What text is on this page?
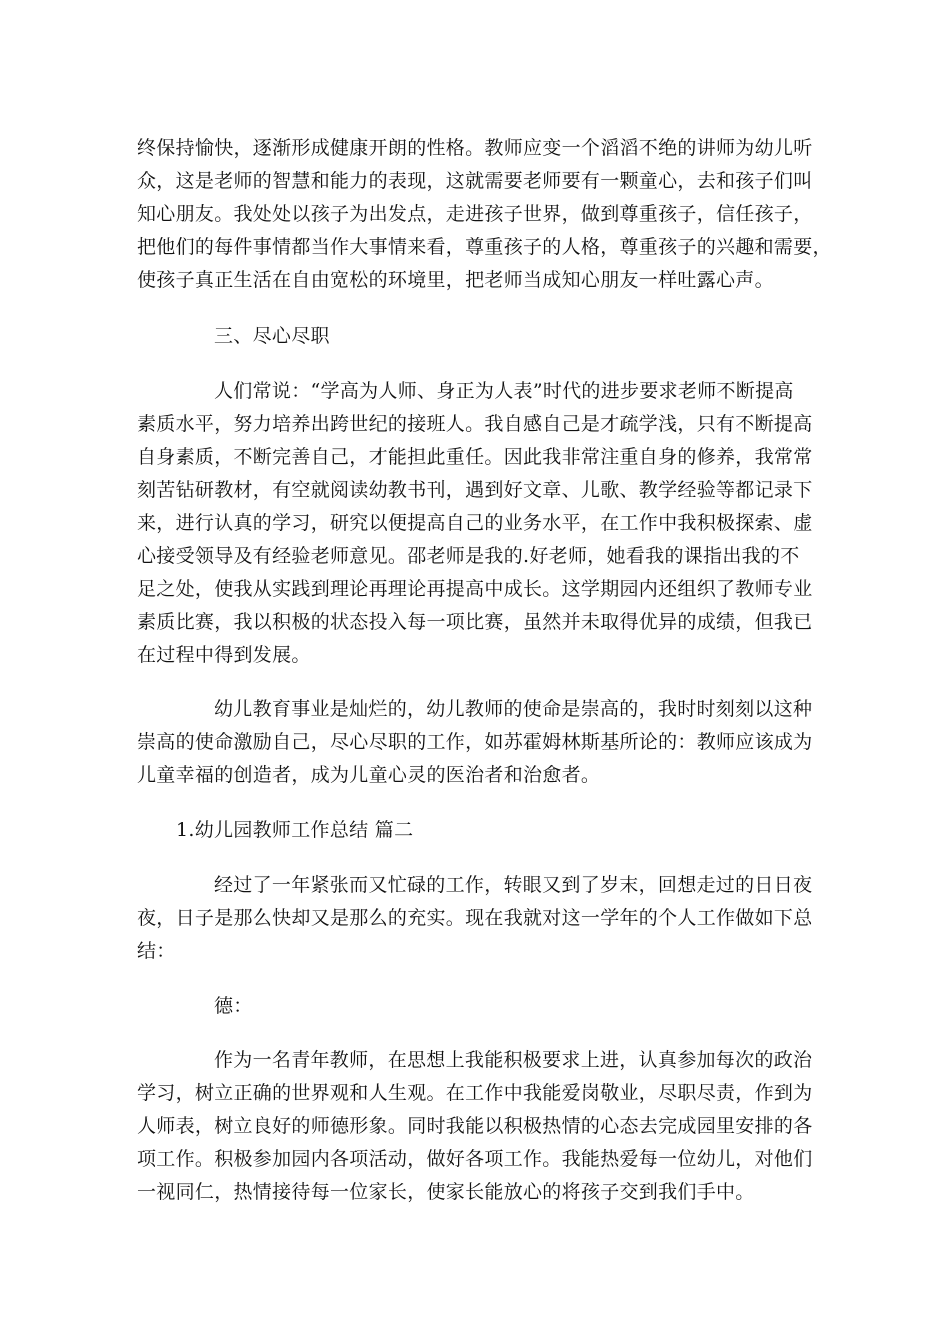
终保持愉快，逐渐形成健康开朗的性格。教师应变一个滔滔不绝的讲师为幼儿听
众，这是老师的智慧和能力的表现，这就需要老师要有一颗童心，去和孩子们叫
知心朋友。我处处以孩子为出发点，走进孩子世界，做到尊重孩子，信任孩子，
把他们的每件事情都当作大事情来看，尊重孩子的人格，尊重孩子的兴趣和需要，
使孩子真正生活在自由宽松的环境里，把老师当成知心朋友一样吐露心声。
三、尽心尽职
人们常说：“学高为人师、身正为人表”时代的进步要求老师不断提高
素质水平，努力培养出跨世纪的接班人。我自感自己是才疏学浅，只有不断提高
自身素质，不断完善自己，才能担此重任。因此我非常注重自身的修养，我常常
刻苦钻研教材，有空就阅读幼教书刊，遇到好文章、儿歌、教学经验等都记录下
来，进行认真的学习，研究以便提高自己的业务水平，在工作中我积极探索、虚
心接受领导及有经验老师意见。邵老师是我的.好老师，她看我的课指出我的不
足之处，使我从实践到理论再理论再提高中成长。这学期园内还组织了教师专业
素质比赛，我以积极的状态投入每一项比赛，虽然并未取得优异的成绩，但我已
在过程中得到发展。
幼儿教育事业是灿烂的，幼儿教师的使命是崇高的，我时时刻刻以这种
崇高的使命激励自己，尽心尽职的工作，如苏霍姆林斯基所论的：教师应该成为
儿童幸福的创造者，成为儿童心灵的医治者和治愈者。
1.幼儿园教师工作总结 篇二
经过了一年紧张而又忙碌的工作，转眼又到了岁末，回想走过的日日夜
夜，日子是那么快却又是那么的充实。现在我就对这一学年的个人工作做如下总
结：
德：
作为一名青年教师，在思想上我能积极要求上进，认真参加每次的政治
学习，树立正确的世界观和人生观。在工作中我能爱岗敬业，尽职尽责，作到为
人师表，树立良好的师德形象。同时我能以积极热情的心态去完成园里安排的各
项工作。积极参加园内各项活动，做好各项工作。我能热爱每一位幼儿，对他们
一视同仁，热情接待每一位家长，使家长能放心的将孩子交到我们手中。
